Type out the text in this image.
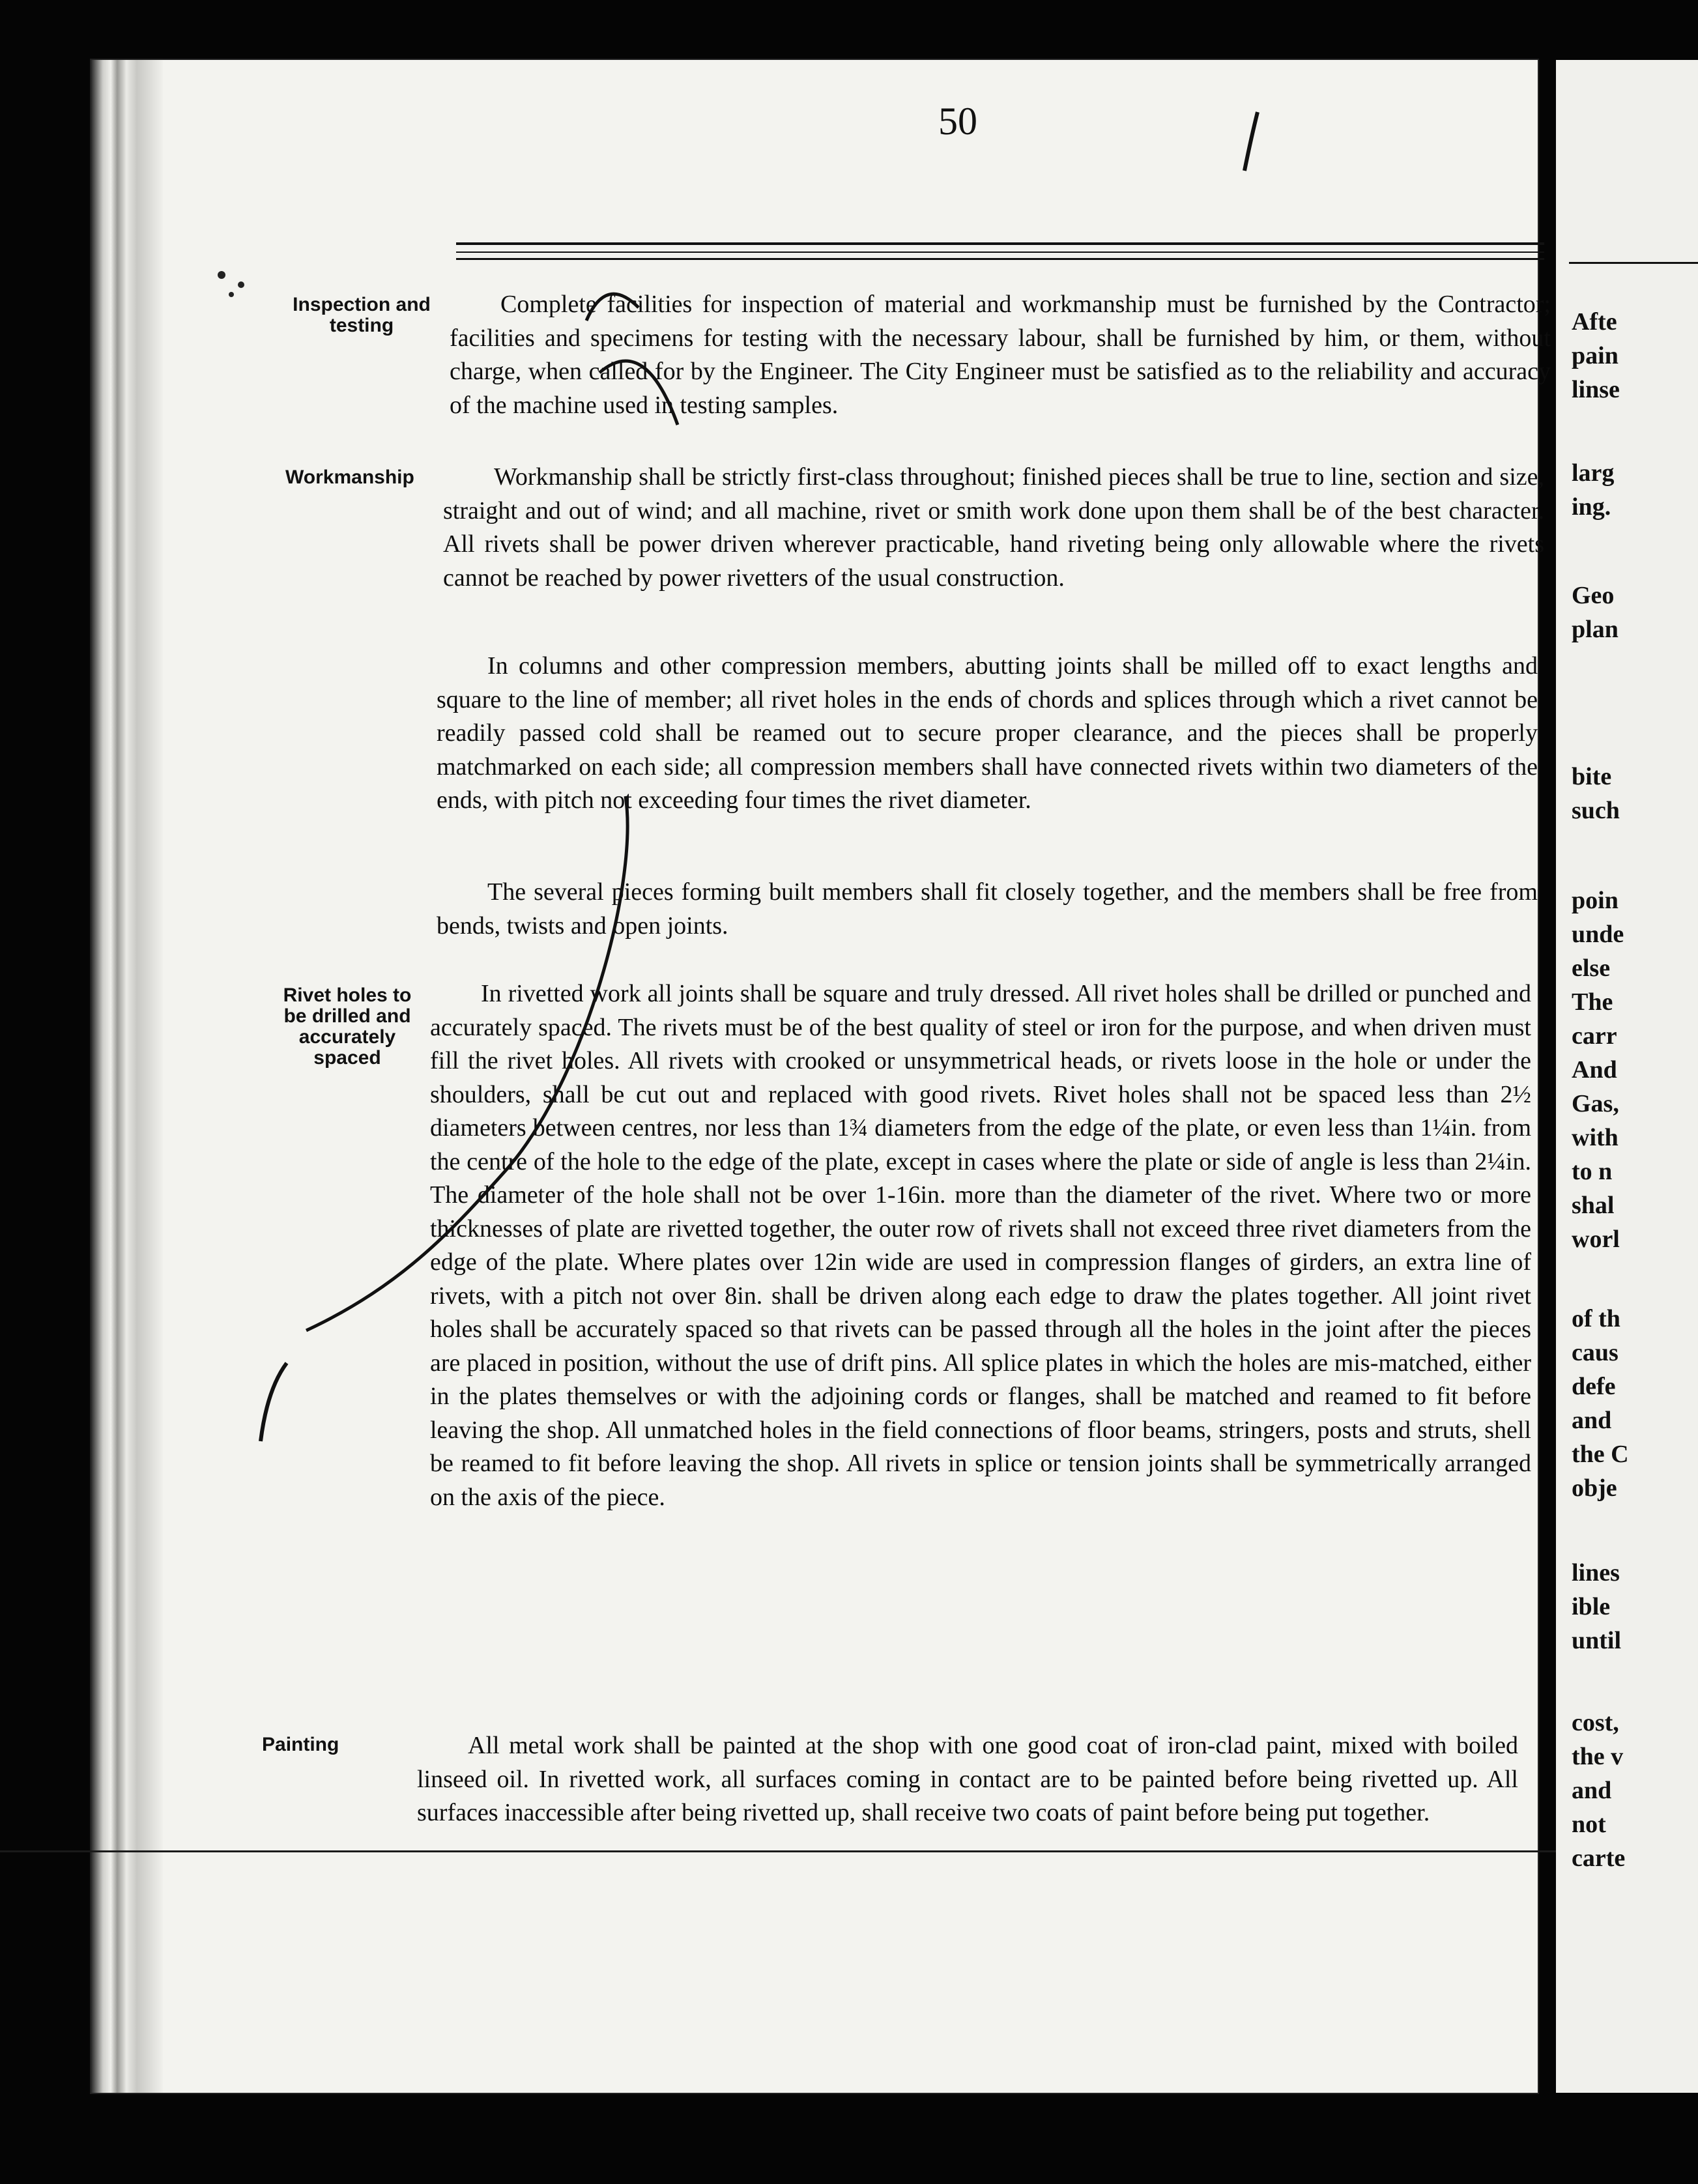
50
Inspection and testing
Workmanship
Rivet holes to be drilled and accurately spaced
Painting

Complete facilities for inspection of material and workmanship must be furnished by the Contractor; facilities and specimens for testing with the necessary labour, shall be furnished by him, or them, without charge, when called for by the Engineer. The City Engineer must be satisfied as to the reliability and accuracy of the machine used in testing samples.

Workmanship shall be strictly first-class throughout; finished pieces shall be true to line, section and size, straight and out of wind; and all machine, rivet or smith work done upon them shall be of the best character. All rivets shall be power driven wherever practicable, hand riveting being only allowable where the rivets cannot be reached by power rivetters of the usual construction.

In columns and other compression members, abutting joints shall be milled off to exact lengths and square to the line of member; all rivet holes in the ends of chords and splices through which a rivet cannot be readily passed cold shall be reamed out to secure proper clearance, and the pieces shall be properly matchmarked on each side; all compression members shall have connected rivets within two diameters of the ends, with pitch not exceeding four times the rivet diameter.

The several pieces forming built members shall fit closely together, and the members shall be free from bends, twists and open joints.

In rivetted work all joints shall be square and truly dressed. All rivet holes shall be drilled or punched and accurately spaced. The rivets must be of the best quality of steel or iron for the purpose, and when driven must fill the rivet holes. All rivets with crooked or unsymmetrical heads, or rivets loose in the hole or under the shoulders, shall be cut out and replaced with good rivets. Rivet holes shall not be spaced less than 2½ diameters between centres, nor less than 1¾ diameters from the edge of the plate, or even less than 1¼in. from the centre of the hole to the edge of the plate, except in cases where the plate or side of angle is less than 2¼in. The diameter of the hole shall not be over 1-16in. more than the diameter of the rivet. Where two or more thicknesses of plate are rivetted together, the outer row of rivets shall not exceed three rivet diameters from the edge of the plate. Where plates over 12in wide are used in compression flanges of girders, an extra line of rivets, with a pitch not over 8in. shall be driven along each edge to draw the plates together. All joint rivet holes shall be accurately spaced so that rivets can be passed through all the holes in the joint after the pieces are placed in position, without the use of drift pins. All splice plates in which the holes are mis-matched, either in the plates themselves or with the adjoining cords or flanges, shall be matched and reamed to fit before leaving the shop. All unmatched holes in the field connections of floor beams, stringers, posts and struts, shell be reamed to fit before leaving the shop. All rivets in splice or tension joints shall be symmetrically arranged on the axis of the piece.

All metal work shall be painted at the shop with one good coat of iron-clad paint, mixed with boiled linseed oil. In rivetted work, all surfaces coming in contact are to be painted before being rivetted up. All surfaces inaccessible after being rivetted up, shall receive two coats of paint before being put together.

Afte
pain
linse
larg
ing.
Geo
plan
bite
such
poin
unde
else
The
carr
And
Gas,
with
to n
shal
worl
of th
caus
defe
and
the C
obje
lines
ible
until
cost,
the v
and
not
carte
